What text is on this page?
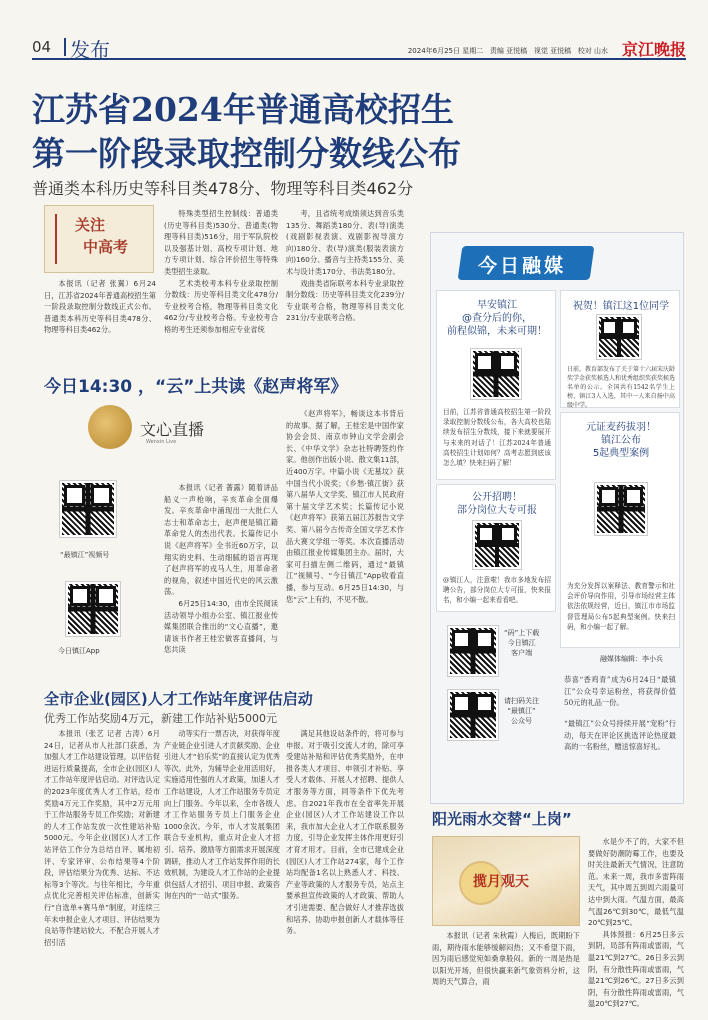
04 发布	2024年6月25日 星期二 责编 亚悦稿 视觉 亚悦稿 校对 山水 京江晚报
江苏省2024年普通高校招生
第一阶段录取控制分数线公布
普通类本科历史等科目类478分、物理等科目类462分
关注
中高考

本报讯（记者 张翼）6月24日，江苏省2024年普通高校招生第一阶段录取控制分数线正式公布。普通类本科历史等科目类478分、物理等科目类462分。

特殊类型招生控制线：普通类(历史等科目类)530分、普通类(物理等科目类)516分，用于军队院校以及强基计划、高校专项计划、地方专项计划、综合评价招生等特殊类型招生录取。

艺术类校考本科专业录取控制分数线：历史等科目类文化478分/专业校考合格，物理等科目类文化462分/专业校考合格。专业校考合格的考生还须参加相应专业省统

考，且省统考成绩须达到音乐类135分、舞蹈类180分、表(导)演类(戏剧影视表演、戏剧影视导演方向)180分、表(导)演类(服装表演方向)160分、播音与主持类155分、美术与设计类170分、书法类180分。

戏曲类省际联考本科专业录取控制分数线：历史等科目类文化239分/专业联考合格，物理等科目类文化231分/专业联考合格。

今日14:30 ，“云”上共读《赵声将军》
文心直播
Wenxin Live
“最镇江”视频号
今日镇江App

本报讯（记者 蔷露）随着讲品船义一声枪响，辛亥革命全面爆发。辛亥革命中涌现出一大批仁人志士和革命志士，赵声便是镇江籍革命党人的杰出代表。长篇传记小说《赵声将军》全书近60万字，以翔实的史料、生动细腻的语言再现了赵声将军的戎马人生，用革命者的视角，叙述中国近代史的风云激荡。

6月25日14:30，由市全民阅读活动领导小组办公室、镇江报业传媒集团联合推出的“文心直播”，邀请该书作者王桂宏做客直播间，与您共读

《赵声将军》，畅谈这本书背后的故事。据了解，王桂宏是中国作家协会会员、南京市钟山文学会副会长、《中华文学》杂志社特聘签约作家。他创作出版小说、散文集11部，近400万字。中篇小说《无墓坟》获中国当代小说奖；《乡愁·镇江街》获第八届华人文学奖、镇江市人民政府第十届文学艺术奖；长篇传记小说《赵声将军》获第五届江苏报告文学奖、第八届今古传奇全国文学艺术作品大赛文学组一等奖。本次直播活动由镇江报业传媒集团主办。届时，大家可扫描左侧二维码，通过“最镇江”视频号、“今日镇江”App收看直播，参与互动。6月25日14:30，与您“云”上有约，不见不散。

全市企业(园区)人才工作站年度评估启动
优秀工作站奖励4万元，新建工作站补贴5000元

本报讯（张艺 记者 古涛）6月24日，记者从市人社部门获悉，为加强人才工作站建设管理，以评估促进运行质量提高，全市企业(园区)人才工作站年度评估启动。对评选认定的2023年度优秀人才工作站，经市奖励4万元工作奖励，其中2万元用于工作站服务专员工作奖励；对新建的人才工作站发放一次性建站补贴5000元。今年企业(园区)人才工作站评估工作分为总结自评、属地初评、专家评审、公布结果等4个阶段，评估结果分为优秀、达标、不达标等3个等次。与往年相比，今年重点优化完善相关评估标准，创新实行“自选单+赛马单”制度，对连续三年未申报企业人才项目、评估结果为良站等作建站较大、不配合开展人才招引活

动等实行一票否决，对获得年度产业链企业引进人才贡献奖励、企业引进人才“伯乐奖”的直接认定为优秀等次。此外，为辅导企业用活用好，实施适用性强的人才政策，加速人才工作站建设，人才工作站服务专员定向上门服务。今年以来，全市各级人才工作站服务专员上门服务企业1000余次。今年，市人才发展集团联合专业机构，重点对企业人才招引、培养、激励等方面需求开展深度调研，推动人才工作站发挥作用的长效机制，为建设人才工作站的企业提供包括人才招引、项目申报、政策咨询在内的“一站式”服务。

满足其他设站条件的，将可参与申报。对于吸引交流人才的，除可享受建站补贴和评估优秀奖励外，在申报各类人才项目、申领引才补贴、享受人才载体、开展人才招聘、提供人才服务等方面，同等条件下优先考虑。自2021年我市在全省率先开展企业(园区)人才工作站建设工作以来，我市加大企业人才工作联系服务力度，引导企业发挥主体作用更好引才育才用才。目前，全市已建成企业(园区)人才工作站274家，每个工作站均配备1名以上熟悉人才、科技、产业等政策的人才服务专员，站点主要承担宣传政策的人才政策、帮助人才引进需要、配合做好人才推荐选拔和培养、协助申报创新人才载体等任务。

今日融媒
早安镇江
@查分后的你，
前程似锦，未来可期！
目前，江苏省普通高校招生第一阶段录取控制分数线公布，各大高校也陆续发布招生分数线，接下来就要展开与未来的对话了！江苏2024年普通高校招生计划如何？高考志愿到底该怎么填？快来扫码了解！
祝贺！镇江这1位同学
日前，教育部发布了关于第十六届宋庆龄奖学金获奖候选人和优秀组织奖获奖候选名单的公示。全国共有1542名学生上榜，镇江3人入选，其中一人来自扬中高级中学。
公开招聘！
部分岗位大专可报
@镇江人，注意啦！我市多地发布招聘公告，部分岗位大专可报，快来报名，和小编一起来看看吧。
元证麦药拔羽！
镇江公布
5起典型案例
为充分发挥以案释法、教育警示和社会评价导向作用，引导市场经营主体依法依规经营，近日，镇江市市场监督管理局公布5起典型案例。快来扫码，和小编一起了解。
融媒体编辑：李小兵
“码”上下载
今日镇江
客户端
请扫码关注
“最镇江”
公众号
恭喜“香鸡青”成为6月24日“最镇江”公众号幸运粉丝，将获得价值50元的礼品一份。
“最镇江”公众号持续开展“宠粉”行动，每天在评论区挑选评论热度最高的一名粉丝，赠送惊喜好礼。
阳光雨水交替“上岗”
揽月观天

本报讯（记者 朱秋霞）入梅后，既期盼下雨，期待雨水能够缓解闷热；又不希望下雨，因为雨后感觉宛如桑拿般闷。新的一周是热是以阳光开场，但很快赢来新气象资料分析，这周的天气算合，雨

水是少不了的，大家不但要做好防潮防霉工作，也要及时关注最新天气情况，注意防范。未来一周，我市多雷阵雨天气，其中周五到周六雨量可达中到大雨。气温方面，最高气温26℃到30℃，最低气温20℃到25℃。

具体预报：6月25日多云到阴，局部有阵雨或雷雨，气温21℃到27℃。26日多云到阴，有分散性阵雨或雷雨，气温21℃到26℃。27日多云到阴，有分散性阵雨或雷雨，气温20℃到27℃。
